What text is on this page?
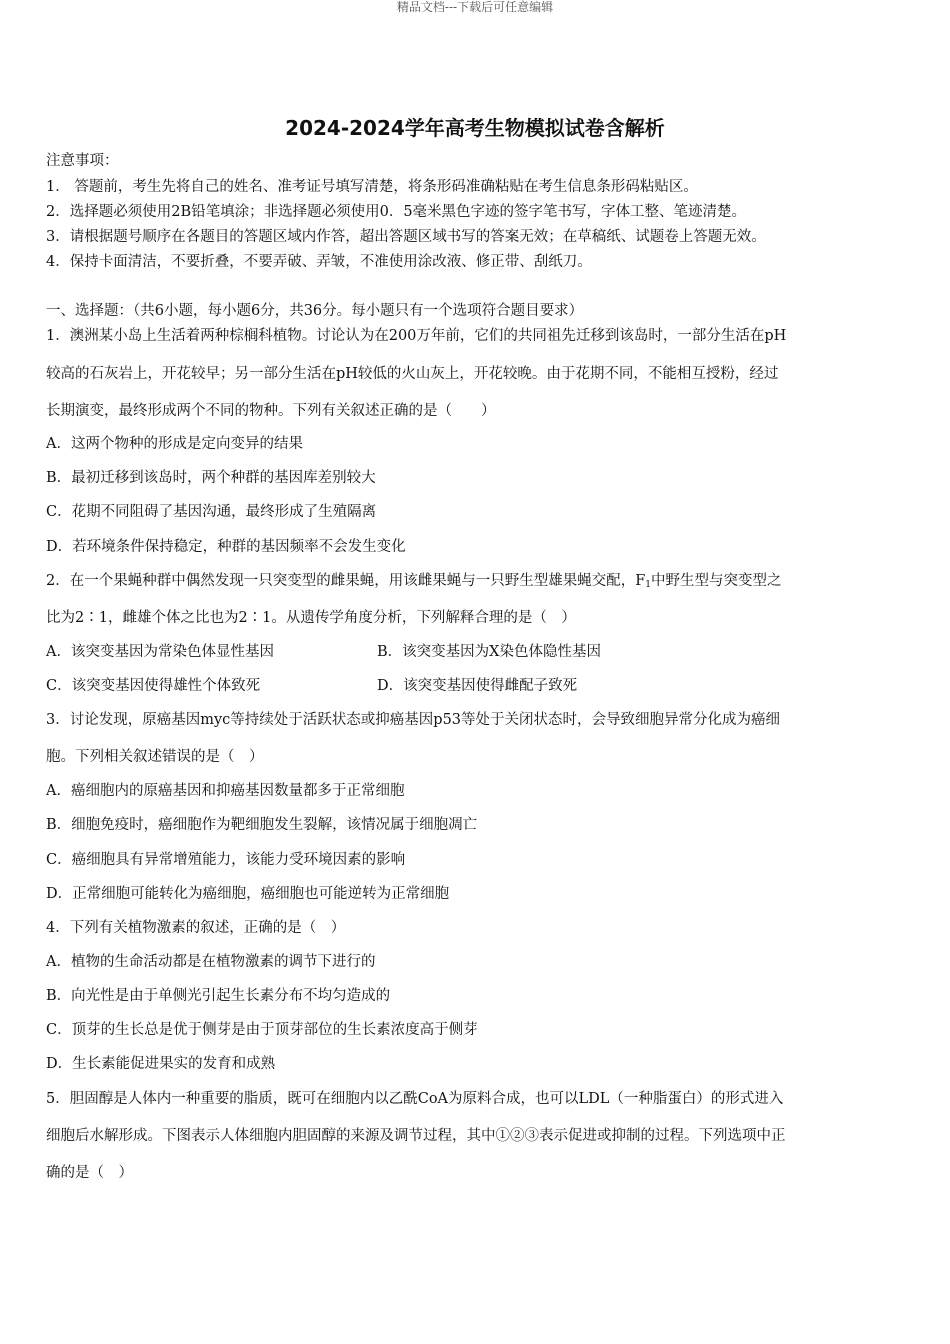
精品文档---下载后可任意编辑
2024-2024学年高考生物模拟试卷含解析
注意事项：
1． 答题前，考生先将自己的姓名、准考证号填写清楚，将条形码准确粘贴在考生信息条形码粘贴区。
2．选择题必须使用2B铅笔填涂；非选择题必须使用0．5毫米黑色字迹的签字笔书写，字体工整、笔迹清楚。
3．请根据题号顺序在各题目的答题区域内作答，超出答题区域书写的答案无效；在草稿纸、试题卷上答题无效。
4．保持卡面清洁，不要折叠，不要弄破、弄皱，不准使用涂改液、修正带、刮纸刀。
一、选择题：（共6小题，每小题6分，共36分。每小题只有一个选项符合题目要求）
1．澳洲某小岛上生活着两种棕榈科植物。讨论认为在200万年前，它们的共同祖先迁移到该岛时，一部分生活在pH
较高的石灰岩上，开花较早；另一部分生活在pH较低的火山灰上，开花较晚。由于花期不同，不能相互授粉，经过
长期演变，最终形成两个不同的物种。下列有关叙述正确的是（　　）
A．这两个物种的形成是定向变异的结果
B．最初迁移到该岛时，两个种群的基因库差别较大
C．花期不同阻碍了基因沟通，最终形成了生殖隔离
D．若环境条件保持稳定，种群的基因频率不会发生变化
2．在一个果蝇种群中偶然发现一只突变型的雌果蝇，用该雌果蝇与一只野生型雄果蝇交配，$F_1$中野生型与突变型之
比为2∶1，雌雄个体之比也为2∶1。从遗传学角度分析，下列解释合理的是（　）
A．该突变基因为常染色体显性基因	B．该突变基因为X染色体隐性基因
C．该突变基因使得雄性个体致死	D．该突变基因使得雌配子致死
3．讨论发现，原癌基因myc等持续处于活跃状态或抑癌基因p53等处于关闭状态时，会导致细胞异常分化成为癌细
胞。下列相关叙述错误的是（　）
A．癌细胞内的原癌基因和抑癌基因数量都多于正常细胞
B．细胞免疫时，癌细胞作为靶细胞发生裂解，该情况属于细胞凋亡
C．癌细胞具有异常增殖能力，该能力受环境因素的影响
D．正常细胞可能转化为癌细胞，癌细胞也可能逆转为正常细胞
4．下列有关植物激素的叙述，正确的是（　）
A．植物的生命活动都是在植物激素的调节下进行的
B．向光性是由于单侧光引起生长素分布不均匀造成的
C．顶芽的生长总是优于侧芽是由于顶芽部位的生长素浓度高于侧芽
D．生长素能促进果实的发育和成熟
5．胆固醇是人体内一种重要的脂质，既可在细胞内以乙酰CoA为原料合成，也可以LDL（一种脂蛋白）的形式进入
细胞后水解形成。下图表示人体细胞内胆固醇的来源及调节过程，其中①②③表示促进或抑制的过程。下列选项中正
确的是（　）
